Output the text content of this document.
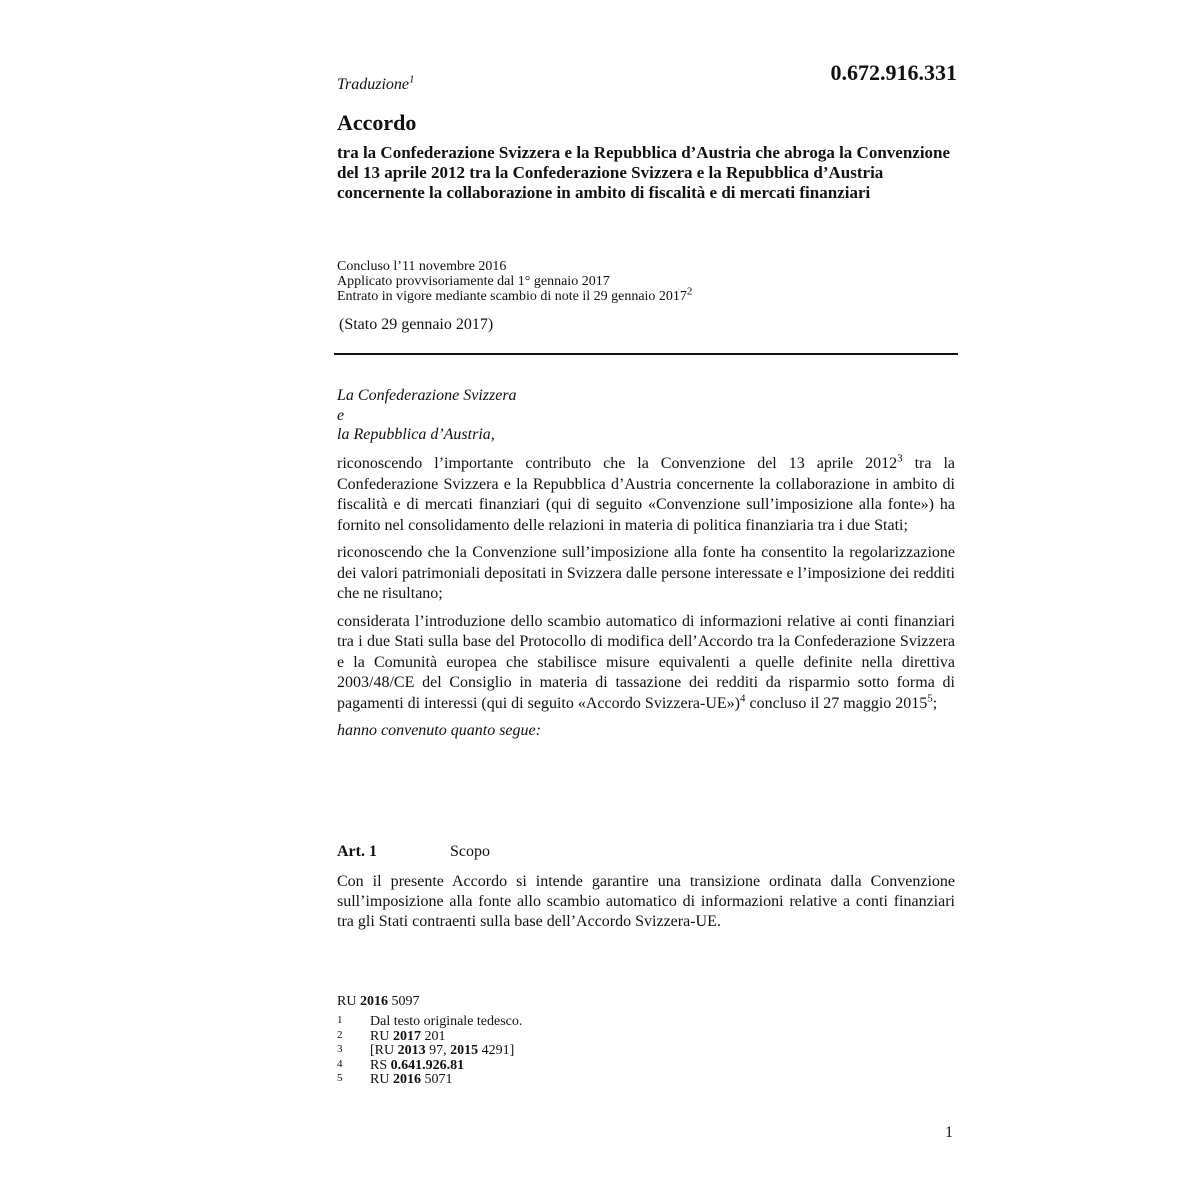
0.672.916.331
Traduzione$^1$
Accordo
tra la Confederazione Svizzera e la Repubblica d’Austria che abroga la Convenzione del 13 aprile 2012 tra la Confederazione Svizzera e la Repubblica d’Austria concernente la collaborazione in ambito di fiscalità e di mercati finanziari
Concluso l’11 novembre 2016
Applicato provvisoriamente dal 1° gennaio 2017
Entrato in vigore mediante scambio di note il 29 gennaio 2017$^2$
(Stato 29 gennaio 2017)
La Confederazione Svizzera
e
la Repubblica d’Austria,

riconoscendo l’importante contributo che la Convenzione del 13 aprile 2012$^3$ tra la Confederazione Svizzera e la Repubblica d’Austria concernente la collaborazione in ambito di fiscalità e di mercati finanziari (qui di seguito «Convenzione sull’imposizione alla fonte») ha fornito nel consolidamento delle relazioni in materia di politica finanziaria tra i due Stati;

riconoscendo che la Convenzione sull’imposizione alla fonte ha consentito la regolarizzazione dei valori patrimoniali depositati in Svizzera dalle persone interessate e l’imposizione dei redditi che ne risultano;

considerata l’introduzione dello scambio automatico di informazioni relative ai conti finanziari tra i due Stati sulla base del Protocollo di modifica dell’Accordo tra la Confederazione Svizzera e la Comunità europea che stabilisce misure equivalenti a quelle definite nella direttiva 2003/48/CE del Consiglio in materia di tassazione dei redditi da risparmio sotto forma di pagamenti di interessi (qui di seguito «Accordo Svizzera-UE»)$^4$ concluso il 27 maggio 2015$^5$;

hanno convenuto quanto segue:

Art. 1	Scopo
Con il presente Accordo si intende garantire una transizione ordinata dalla Convenzione sull’imposizione alla fonte allo scambio automatico di informazioni relative a conti finanziari tra gli Stati contraenti sulla base dell’Accordo Svizzera-UE.
RU 2016 5097
1	Dal testo originale tedesco.
2	RU 2017 201
3	[RU 2013 97, 2015 4291]
4	RS 0.641.926.81
5	RU 2016 5071
1
